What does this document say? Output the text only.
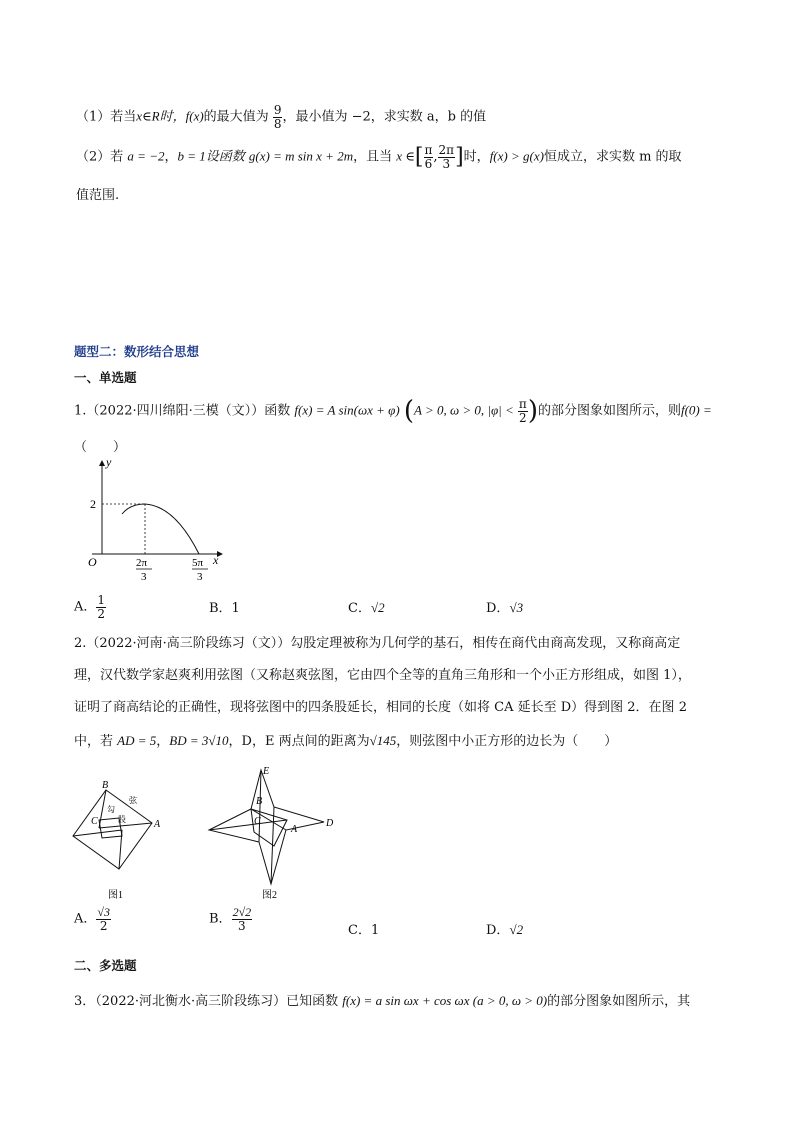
（1）若当x∈R时，f(x)的最大值为 $\frac{9}{8}$ ，最小值为 −2，求实数 a，b 的值
（2）若 a = −2，b = 1设函数 g(x) = m sin x + 2m，且当 x ∈[ $\frac{\pi}{6}$ , $\frac{2\pi}{3}$ ]时，f(x) > g(x)恒成立，求实数 m 的取
值范围.
题型二：数形结合思想
一、单选题
1.（2022·四川绵阳·三模（文））函数 f(x) = A sin(ωx + φ) (A > 0, ω > 0, $|\varphi| < \frac{\pi}{2}$ )的部分图象如图所示，则f(0) =
（　　）
y
x
O
2
2π
3
5π
3
A． $\frac{1}{2}$	B．1	C．√2	D．√3
2.（2022·河南·高三阶段练习（文））勾股定理被称为几何学的基石，相传在商代由商高发现，又称商高定
理，汉代数学家赵爽利用弦图（又称赵爽弦图，它由四个全等的直角三角形和一个小正方形组成，如图 1），
证明了商高结论的正确性，现将弦图中的四条股延长，相同的长度（如将 CA 延长至 D）得到图 2．在图 2
中，若 AD = 5，BD = 3√10，D，E 两点间的距离为√145，则弦图中小正方形的边长为（　　）
B
C	A
勾
股
弦
图1
E
B
C
A
D
图2
A． $\frac{√3}{2}$	B． $\frac{2√2}{3}$	C．1	D．√2
二、多选题
3．（2022·河北衡水·高三阶段练习）已知函数 f(x) = a sin ωx + cos ωx (a > 0, ω > 0)的部分图象如图所示，其
